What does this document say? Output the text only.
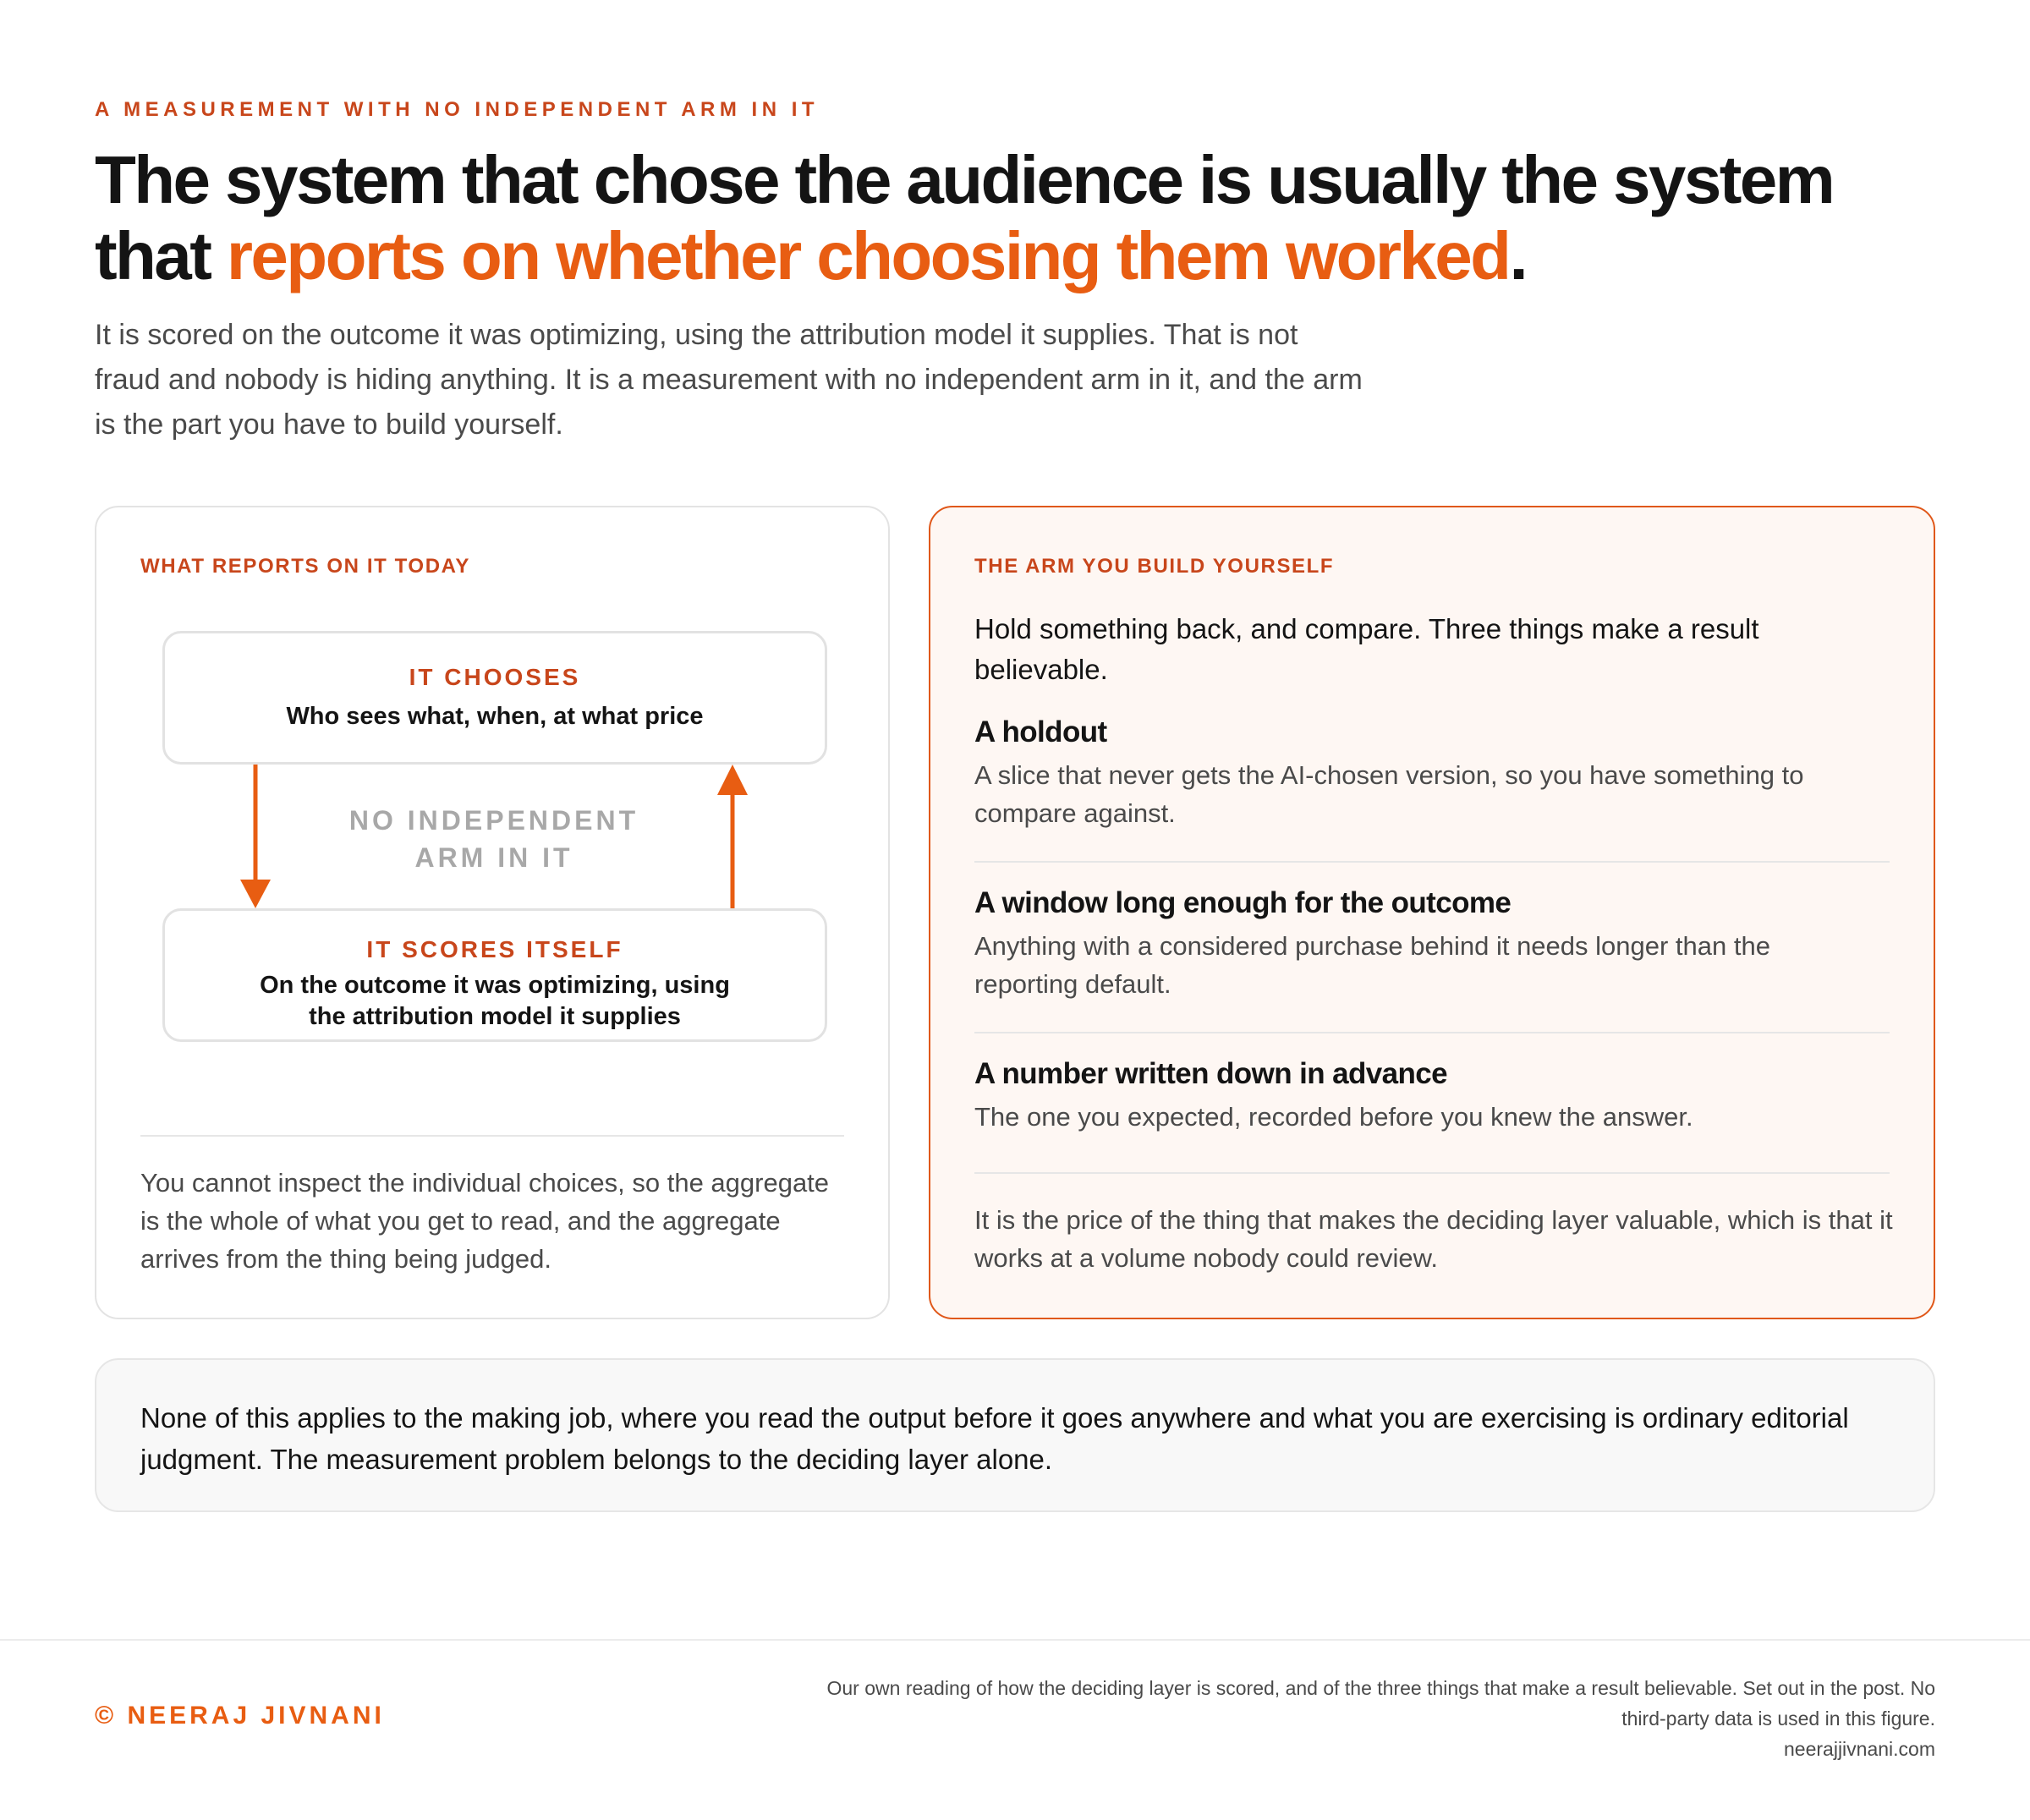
A MEASUREMENT WITH NO INDEPENDENT ARM IN IT
The system that chose the audience is usually the system that reports on whether choosing them worked.

It is scored on the outcome it was optimizing, using the attribution model it supplies. That is not fraud and nobody is hiding anything. It is a measurement with no independent arm in it, and the arm is the part you have to build yourself.

WHAT REPORTS ON IT TODAY
IT CHOOSES
Who sees what, when, at what price
NO INDEPENDENT
ARM IN IT
IT SCORES ITSELF
On the outcome it was optimizing, using the attribution model it supplies

You cannot inspect the individual choices, so the aggregate is the whole of what you get to read, and the aggregate arrives from the thing being judged.

THE ARM YOU BUILD YOURSELF

Hold something back, and compare. Three things make a result believable.

A holdout

A slice that never gets the AI-chosen version, so you have something to compare against.

A window long enough for the outcome

Anything with a considered purchase behind it needs longer than the reporting default.

A number written down in advance

The one you expected, recorded before you knew the answer.

It is the price of the thing that makes the deciding layer valuable, which is that it works at a volume nobody could review.

None of this applies to the making job, where you read the output before it goes anywhere and what you are exercising is ordinary editorial judgment. The measurement problem belongs to the deciding layer alone.

© NEERAJ JIVNANI
Our own reading of how the deciding layer is scored, and of the three things that make a result believable. Set out in the post. No third-party data is used in this figure.
neerajjivnani.com
